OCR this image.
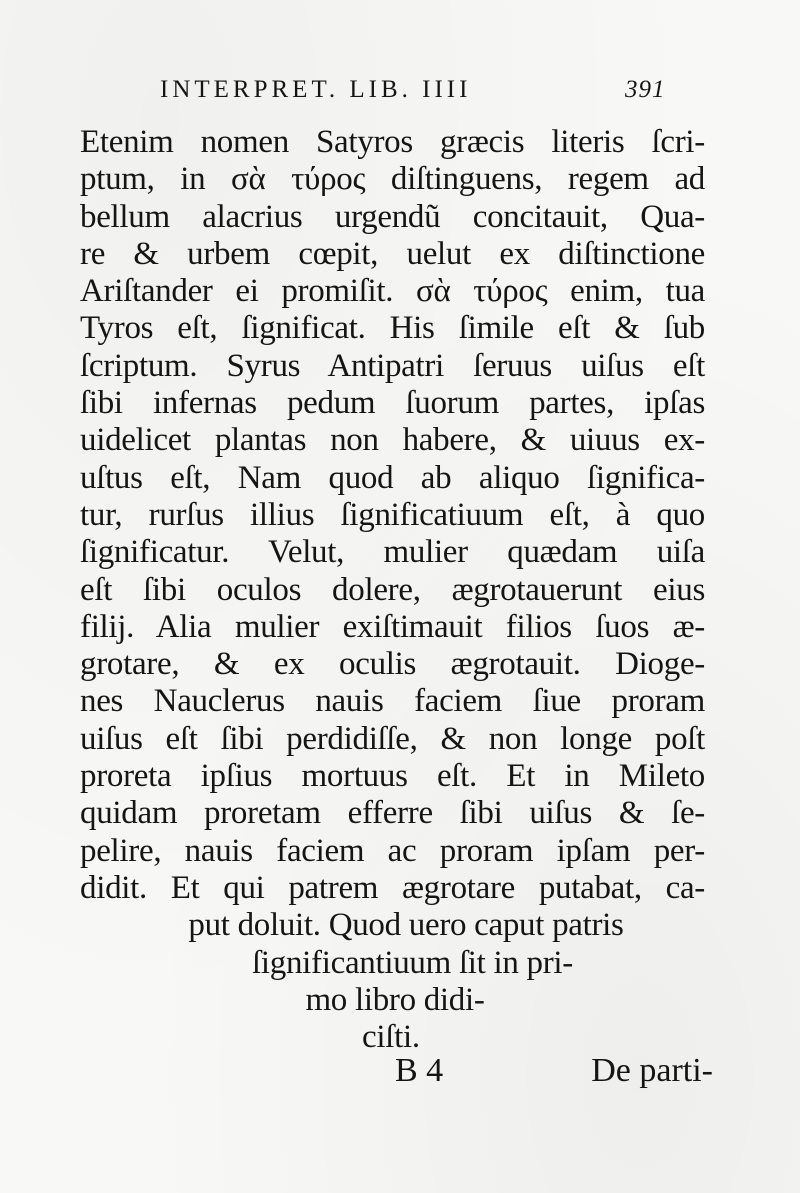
INTERPRET. LIB. IIII	391
Etenim nomen Satyros græcis literis ſcri-
ptum, in σὰ τύρος diſtinguens, regem ad
bellum alacrius urgendũ concitauit, Qua-
re & urbem cœpit, uelut ex diſtinctione
Ariſtander ei promiſit. σὰ τύρος enim, tua
Tyros eſt, ſignificat. His ſimile eſt & ſub
ſcriptum. Syrus Antipatri ſeruus uiſus eſt
ſibi infernas pedum ſuorum partes, ipſas
uidelicet plantas non habere, & uiuus ex-
uſtus eſt, Nam quod ab aliquo ſignifica-
tur, rurſus illius ſignificatiuum eſt, à quo
ſignificatur. Velut, mulier quædam uiſa
eſt ſibi oculos dolere, ægrotauerunt eius
filij. Alia mulier exiſtimauit filios ſuos æ-
grotare, & ex oculis ægrotauit. Dioge-
nes Nauclerus nauis faciem ſiue proram
uiſus eſt ſibi perdidiſſe, & non longe poſt
proreta ipſius mortuus eſt. Et in Mileto
quidam proretam efferre ſibi uiſus & ſe-
pelire, nauis faciem ac proram ipſam per-
didit. Et qui patrem ægrotare putabat, ca-
put doluit. Quod uero caput patris
ſignificantiuum ſit in pri-
mo libro didi-
ciſti.
B 4	De parti-
